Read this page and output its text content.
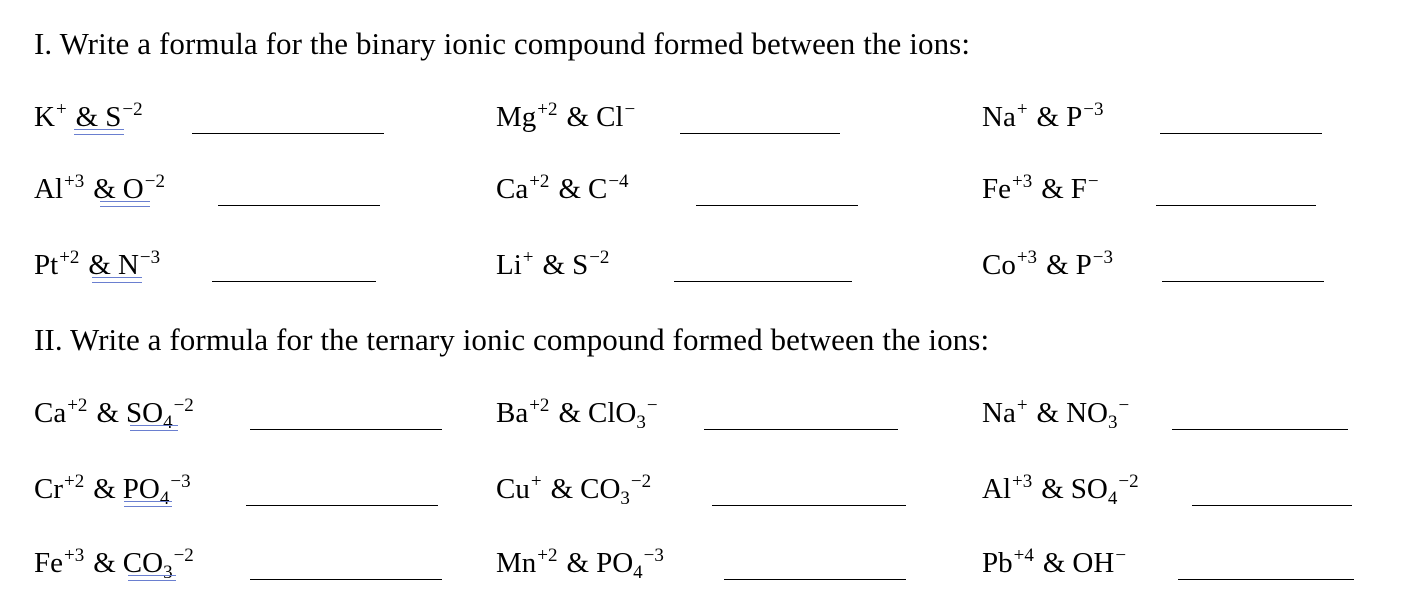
I. Write a formula for the binary ionic compound formed between the ions:
II. Write a formula for the ternary ionic compound formed between the ions:
K+ & $S^{-2}$	$Mg^{+2}$ & Cl−	Na+ & $P^{-3}$
$Al^{+3}$ & $O^{-2}$	$Ca^{+2}$ & $C^{-4}$	$Fe^{+3}$ & F−
$Pt^{+2}$ & $N^{-3}$	Li+ & $S^{-2}$	$Co^{+3}$ & $P^{-3}$
$Ca^{+2}$ & $SO_4^{-2}$	$Ba^{+2}$ & ClO$_3$−	Na+ & $NO_3^-$
$Cr^{+2}$ & $PO_4^{-3}$	Cu+ & $CO_3^{-2}$	$Al^{+3}$ & $SO_4^{-2}$
$Fe^{+3}$ & $CO_3^{-2}$	$Mn^{+2}$ & $PO_4^{-3}$	$Pb^{+4}$ & OH−
